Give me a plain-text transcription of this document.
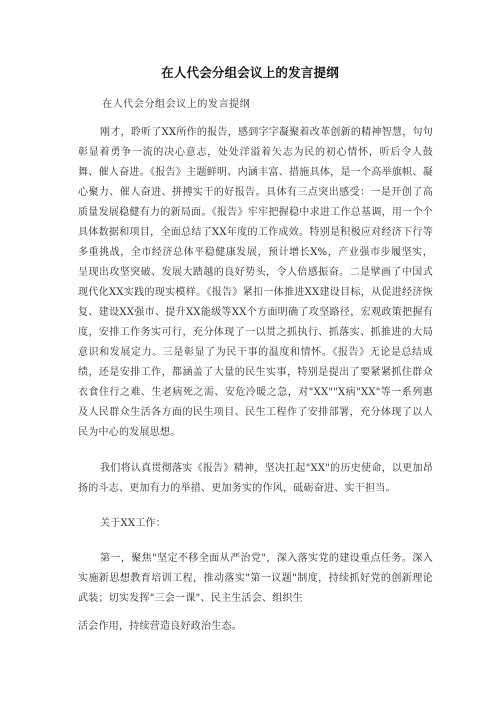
在人代会分组会议上的发言提纲
在人代会分组会议上的发言提纲

刚才，聆听了XX所作的报告，感到字字凝聚着改革创新的精神智慧，句句彰显着勇争一流的决心意志，处处洋溢着矢志为民的初心情怀，听后令人鼓舞、催人奋进。《报告》主题鲜明、内涵丰富、措施具体，是一个高举旗帜、凝心聚力、催人奋进、拼搏实干的好报告。具体有三点突出感受：一是开创了高质量发展稳健有力的新局面。《报告》牢牢把握稳中求进工作总基调，用一个个具体数据和项目，全面总结了XX年度的工作成效。特别是积极应对经济下行等多重挑战，全市经济总体平稳健康发展，预计增长X%，产业强市步履坚实，呈现出攻坚突破、发展大踏越的良好势头，令人倍感振奋。二是擘画了中国式现代化XX实践的现实模样。《报告》紧扣一体推进XX建设目标，从促进经济恢复、建设XX强市、提升XX能级等XX个方面明确了攻坚路径，宏观政策把握有度，安排工作务实可行，充分体现了一以贯之抓执行、抓落实、抓推进的大局意识和发展定力。三是彰显了为民干事的温度和情怀。《报告》无论是总结成绩，还是安排工作，都涵盖了大量的民生实事，特别是提出了要紧紧抓住群众衣食住行之难、生老病死之需、安危冷暖之急，对"XX""X病"XX"等一系列惠及人民群众生活各方面的民生项目、民生工程作了安排部署，充分体现了以人民为中心的发展思想。

我们将认真贯彻落实《报告》精神，坚决扛起"XX"的历史使命，以更加昂扬的斗志、更加有力的举措、更加务实的作风，砥砺奋进、实干担当。

关于XX工作：

第一，聚焦"坚定不移全面从严治党"，深入落实党的建设重点任务。深入实施新思想教育培训工程，推动落实"第一议题"制度，持续抓好党的创新理论武装；切实发挥"三会一课"、民主生活会、组织生

活会作用，持续营造良好政治生态。
